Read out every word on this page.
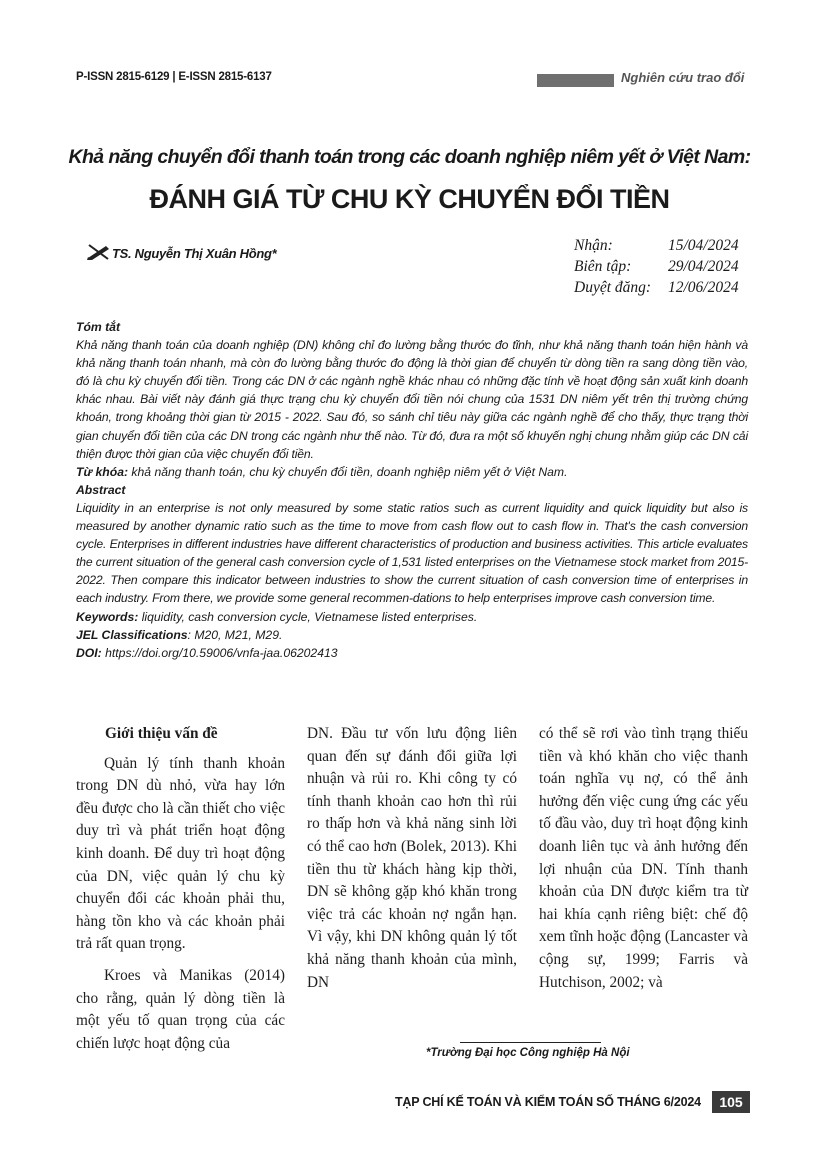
P-ISSN 2815-6129 | E-ISSN 2815-6137	Nghiên cứu trao đổi
Khả năng chuyển đổi thanh toán trong các doanh nghiệp niêm yết ở Việt Nam:
ĐÁNH GIÁ TỪ CHU KỲ CHUYỂN ĐỔI TIỀN
TS. Nguyễn Thị Xuân Hồng*	Nhận:	15/04/2024
Biên tập:	29/04/2024
Duyệt đăng:	12/06/2024

Tóm tắt

Khả năng thanh toán của doanh nghiệp (DN) không chỉ đo lường bằng thước đo tĩnh, như khả năng thanh toán hiện hành và khả năng thanh toán nhanh, mà còn đo lường bằng thước đo động là thời gian để chuyển từ dòng tiền ra sang dòng tiền vào, đó là chu kỳ chuyển đổi tiền. Trong các DN ở các ngành nghề khác nhau có những đặc tính về hoạt động sản xuất kinh doanh khác nhau. Bài viết này đánh giá thực trạng chu kỳ chuyển đổi tiền nói chung của 1531 DN niêm yết trên thị trường chứng khoán, trong khoảng thời gian từ 2015 - 2022. Sau đó, so sánh chỉ tiêu này giữa các ngành nghề để cho thấy, thực trạng thời gian chuyển đổi tiền của các DN trong các ngành như thế nào. Từ đó, đưa ra một số khuyến nghị chung nhằm giúp các DN cải thiện được thời gian của việc chuyển đổi tiền.

Từ khóa: khả năng thanh toán, chu kỳ chuyển đổi tiền, doanh nghiệp niêm yết ở Việt Nam.

Abstract

Liquidity in an enterprise is not only measured by some static ratios such as current liquidity and quick liquidity but also is measured by another dynamic ratio such as the time to move from cash flow out to cash flow in. That's the cash conversion cycle. Enterprises in different industries have different characteristics of production and business activities. This article evaluates the current situation of the general cash conversion cycle of 1,531 listed enterprises on the Vietnamese stock market from 2015-2022. Then compare this indicator between industries to show the current situation of cash conversion time of enterprises in each industry. From there, we provide some general recommen-dations to help enterprises improve cash conversion time.

Keywords: liquidity, cash conversion cycle, Vietnamese listed enterprises.

JEL Classifications: M20, M21, M29.

DOI: https://doi.org/10.59006/vnfa-jaa.06202413

Giới thiệu vấn đề

Quản lý tính thanh khoản trong DN dù nhỏ, vừa hay lớn đều được cho là cần thiết cho việc duy trì và phát triển hoạt động kinh doanh. Để duy trì hoạt động của DN, việc quản lý chu kỳ chuyển đổi các khoản phải thu, hàng tồn kho và các khoản phải trả rất quan trọng.

Kroes và Manikas (2014) cho rằng, quản lý dòng tiền là một yếu tố quan trọng của các chiến lược hoạt động của

DN. Đầu tư vốn lưu động liên quan đến sự đánh đổi giữa lợi nhuận và rủi ro. Khi công ty có tính thanh khoản cao hơn thì rủi ro thấp hơn và khả năng sinh lời có thể cao hơn (Bolek, 2013). Khi tiền thu từ khách hàng kịp thời, DN sẽ không gặp khó khăn trong việc trả các khoản nợ ngắn hạn. Vì vậy, khi DN không quản lý tốt khả năng thanh khoản của mình, DN

có thể sẽ rơi vào tình trạng thiếu tiền và khó khăn cho việc thanh toán nghĩa vụ nợ, có thể ảnh hưởng đến việc cung ứng các yếu tố đầu vào, duy trì hoạt động kinh doanh liên tục và ảnh hưởng đến lợi nhuận của DN. Tính thanh khoản của DN được kiểm tra từ hai khía cạnh riêng biệt: chế độ xem tĩnh hoặc động (Lancaster và cộng sự, 1999; Farris và Hutchison, 2002; và

*Trường Đại học Công nghiệp Hà Nội
TẠP CHÍ KẾ TOÁN VÀ KIỂM TOÁN SỐ THÁNG 6/2024	105
